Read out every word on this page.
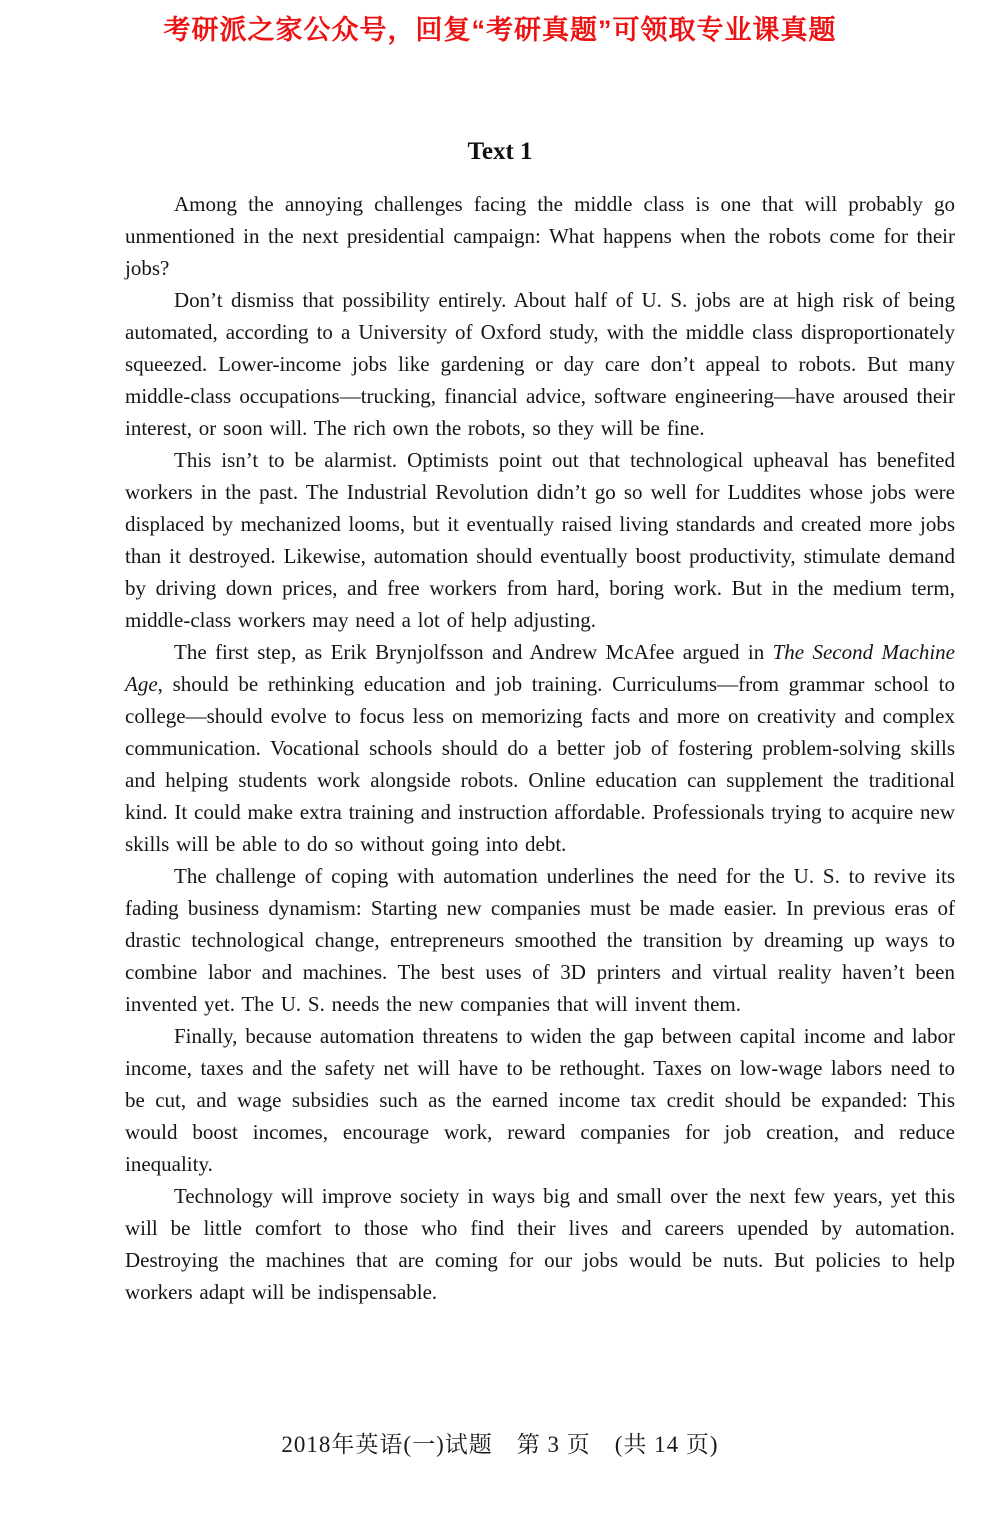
考研派之家公众号，回复“考研真题”可领取专业课真题
Text 1

Among the annoying challenges facing the middle class is one that will probably go unmentioned in the next presidential campaign: What happens when the robots come for their jobs?

Don’t dismiss that possibility entirely. About half of U. S. jobs are at high risk of being automated, according to a University of Oxford study, with the middle class disproportionately squeezed. Lower-income jobs like gardening or day care don’t appeal to robots. But many middle-class occupations—trucking, financial advice, software engineering—have aroused their interest, or soon will. The rich own the robots, so they will be fine.

This isn’t to be alarmist. Optimists point out that technological upheaval has benefited workers in the past. The Industrial Revolution didn’t go so well for Luddites whose jobs were displaced by mechanized looms, but it eventually raised living standards and created more jobs than it destroyed. Likewise, automation should eventually boost productivity, stimulate demand by driving down prices, and free workers from hard, boring work. But in the medium term, middle-class workers may need a lot of help adjusting.

The first step, as Erik Brynjolfsson and Andrew McAfee argued in The Second Machine Age, should be rethinking education and job training. Curriculums—from grammar school to college—should evolve to focus less on memorizing facts and more on creativity and complex communication. Vocational schools should do a better job of fostering problem-solving skills and helping students work alongside robots. Online education can supplement the traditional kind. It could make extra training and instruction affordable. Professionals trying to acquire new skills will be able to do so without going into debt.

The challenge of coping with automation underlines the need for the U. S. to revive its fading business dynamism: Starting new companies must be made easier. In previous eras of drastic technological change, entrepreneurs smoothed the transition by dreaming up ways to combine labor and machines. The best uses of 3D printers and virtual reality haven’t been invented yet. The U. S. needs the new companies that will invent them.

Finally, because automation threatens to widen the gap between capital income and labor income, taxes and the safety net will have to be rethought. Taxes on low-wage labors need to be cut, and wage subsidies such as the earned income tax credit should be expanded: This would boost incomes, encourage work, reward companies for job creation, and reduce inequality.

Technology will improve society in ways big and small over the next few years, yet this will be little comfort to those who find their lives and careers upended by automation. Destroying the machines that are coming for our jobs would be nuts. But policies to help workers adapt will be indispensable.

2018年英语(一)试题　第 3 页　(共 14 页)
